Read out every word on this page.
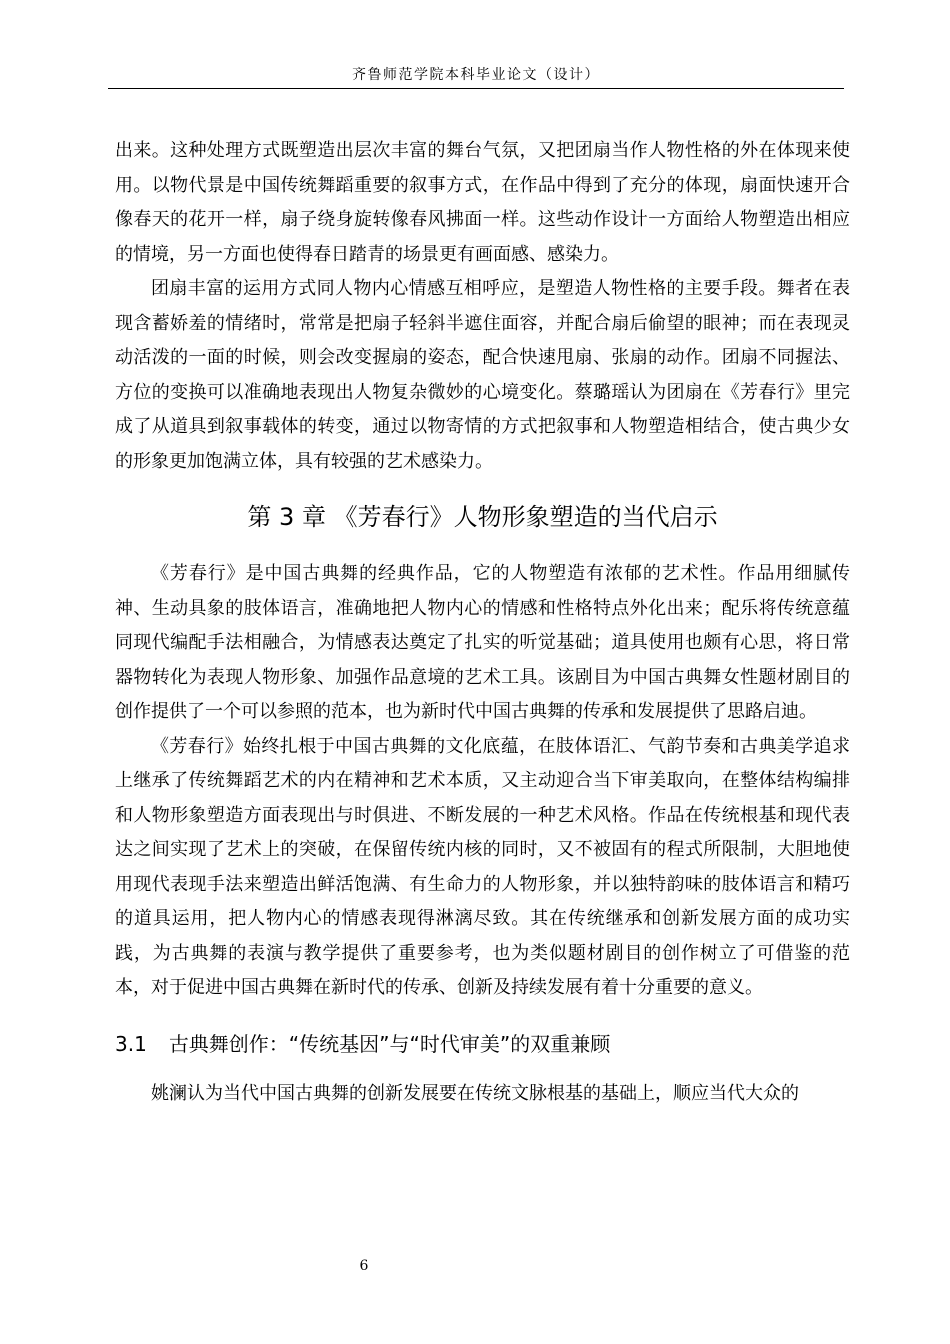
齐鲁师范学院本科毕业论文（设计）

出来。这种处理方式既塑造出层次丰富的舞台气氛，又把团扇当作人物性格的外在体现来使用。以物代景是中国传统舞蹈重要的叙事方式，在作品中得到了充分的体现，扇面快速开合像春天的花开一样，扇子绕身旋转像春风拂面一样。这些动作设计一方面给人物塑造出相应的情境，另一方面也使得春日踏青的场景更有画面感、感染力。

团扇丰富的运用方式同人物内心情感互相呼应，是塑造人物性格的主要手段。舞者在表现含蓄娇羞的情绪时，常常是把扇子轻斜半遮住面容，并配合扇后偷望的眼神；而在表现灵动活泼的一面的时候，则会改变握扇的姿态，配合快速甩扇、张扇的动作。团扇不同握法、方位的变换可以准确地表现出人物复杂微妙的心境变化。蔡璐瑶认为团扇在《芳春行》里完成了从道具到叙事载体的转变，通过以物寄情的方式把叙事和人物塑造相结合，使古典少女的形象更加饱满立体，具有较强的艺术感染力。

第 3 章 《芳春行》人物形象塑造的当代启示

《芳春行》是中国古典舞的经典作品，它的人物塑造有浓郁的艺术性。作品用细腻传神、生动具象的肢体语言，准确地把人物内心的情感和性格特点外化出来；配乐将传统意蕴同现代编配手法相融合，为情感表达奠定了扎实的听觉基础；道具使用也颇有心思，将日常器物转化为表现人物形象、加强作品意境的艺术工具。该剧目为中国古典舞女性题材剧目的创作提供了一个可以参照的范本，也为新时代中国古典舞的传承和发展提供了思路启迪。

《芳春行》始终扎根于中国古典舞的文化底蕴，在肢体语汇、气韵节奏和古典美学追求上继承了传统舞蹈艺术的内在精神和艺术本质，又主动迎合当下审美取向，在整体结构编排和人物形象塑造方面表现出与时俱进、不断发展的一种艺术风格。作品在传统根基和现代表达之间实现了艺术上的突破，在保留传统内核的同时，又不被固有的程式所限制，大胆地使用现代表现手法来塑造出鲜活饱满、有生命力的人物形象，并以独特韵味的肢体语言和精巧的道具运用，把人物内心的情感表现得淋漓尽致。其在传统继承和创新发展方面的成功实践，为古典舞的表演与教学提供了重要参考，也为类似题材剧目的创作树立了可借鉴的范本，对于促进中国古典舞在新时代的传承、创新及持续发展有着十分重要的意义。

3.1 古典舞创作：“传统基因”与“时代审美”的双重兼顾

姚澜认为当代中国古典舞的创新发展要在传统文脉根基的基础上，顺应当代大众的

6
